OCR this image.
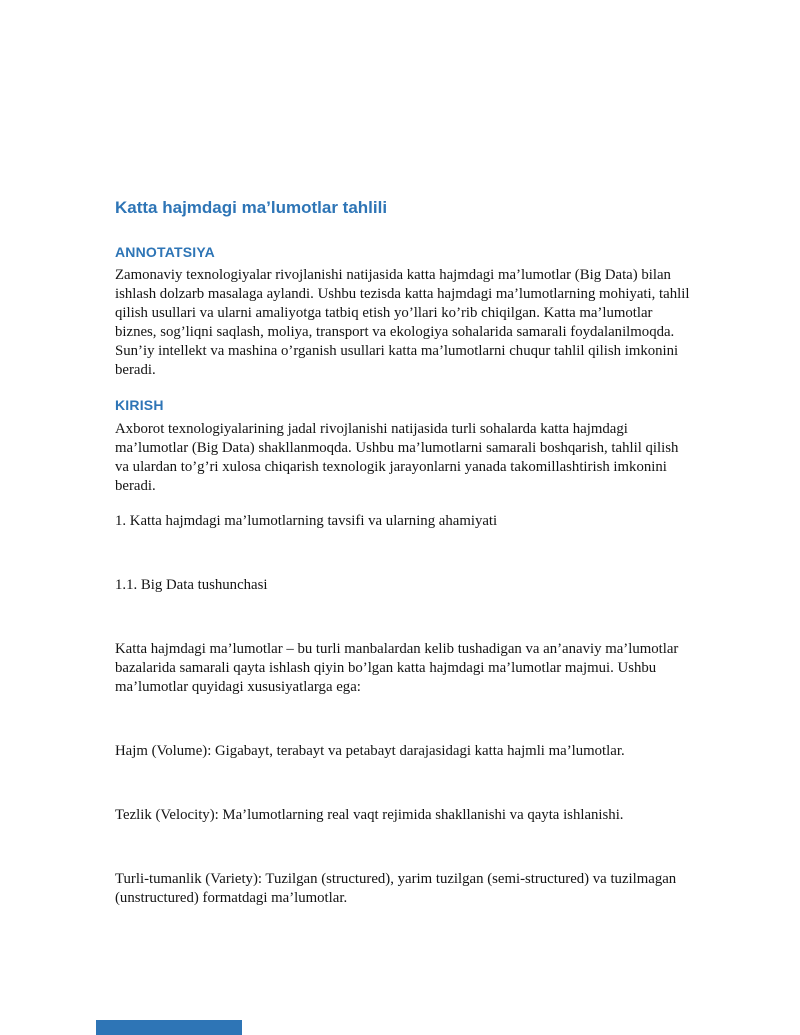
Katta hajmdagi ma’lumotlar tahlili
ANNOTATSIYA

Zamonaviy texnologiyalar rivojlanishi natijasida katta hajmdagi ma’lumotlar (Big Data) bilan ishlash dolzarb masalaga aylandi. Ushbu tezisda katta hajmdagi ma’lumotlarning mohiyati, tahlil qilish usullari va ularni amaliyotga tatbiq etish yo’llari ko’rib chiqilgan. Katta ma’lumotlar biznes, sog’liqni saqlash, moliya, transport va ekologiya sohalarida samarali foydalanilmoqda. Sun’iy intellekt va mashina o’rganish usullari katta ma’lumotlarni chuqur tahlil qilish imkonini beradi.

KIRISH

Axborot texnologiyalarining jadal rivojlanishi natijasida turli sohalarda katta hajmdagi ma’lumotlar (Big Data) shakllanmoqda. Ushbu ma’lumotlarni samarali boshqarish, tahlil qilish va ulardan to’g’ri xulosa chiqarish texnologik jarayonlarni yanada takomillashtirish imkonini beradi.

1. Katta hajmdagi ma’lumotlarning tavsifi va ularning ahamiyati

1.1. Big Data tushunchasi

Katta hajmdagi ma’lumotlar – bu turli manbalardan kelib tushadigan va an’anaviy ma’lumotlar bazalarida samarali qayta ishlash qiyin bo’lgan katta hajmdagi ma’lumotlar majmui. Ushbu ma’lumotlar quyidagi xususiyatlarga ega:

Hajm (Volume): Gigabayt, terabayt va petabayt darajasidagi katta hajmli ma’lumotlar.

Tezlik (Velocity): Ma’lumotlarning real vaqt rejimida shakllanishi va qayta ishlanishi.

Turli-tumanlik (Variety): Tuzilgan (structured), yarim tuzilgan (semi-structured) va tuzilmagan (unstructured) formatdagi ma’lumotlar.
